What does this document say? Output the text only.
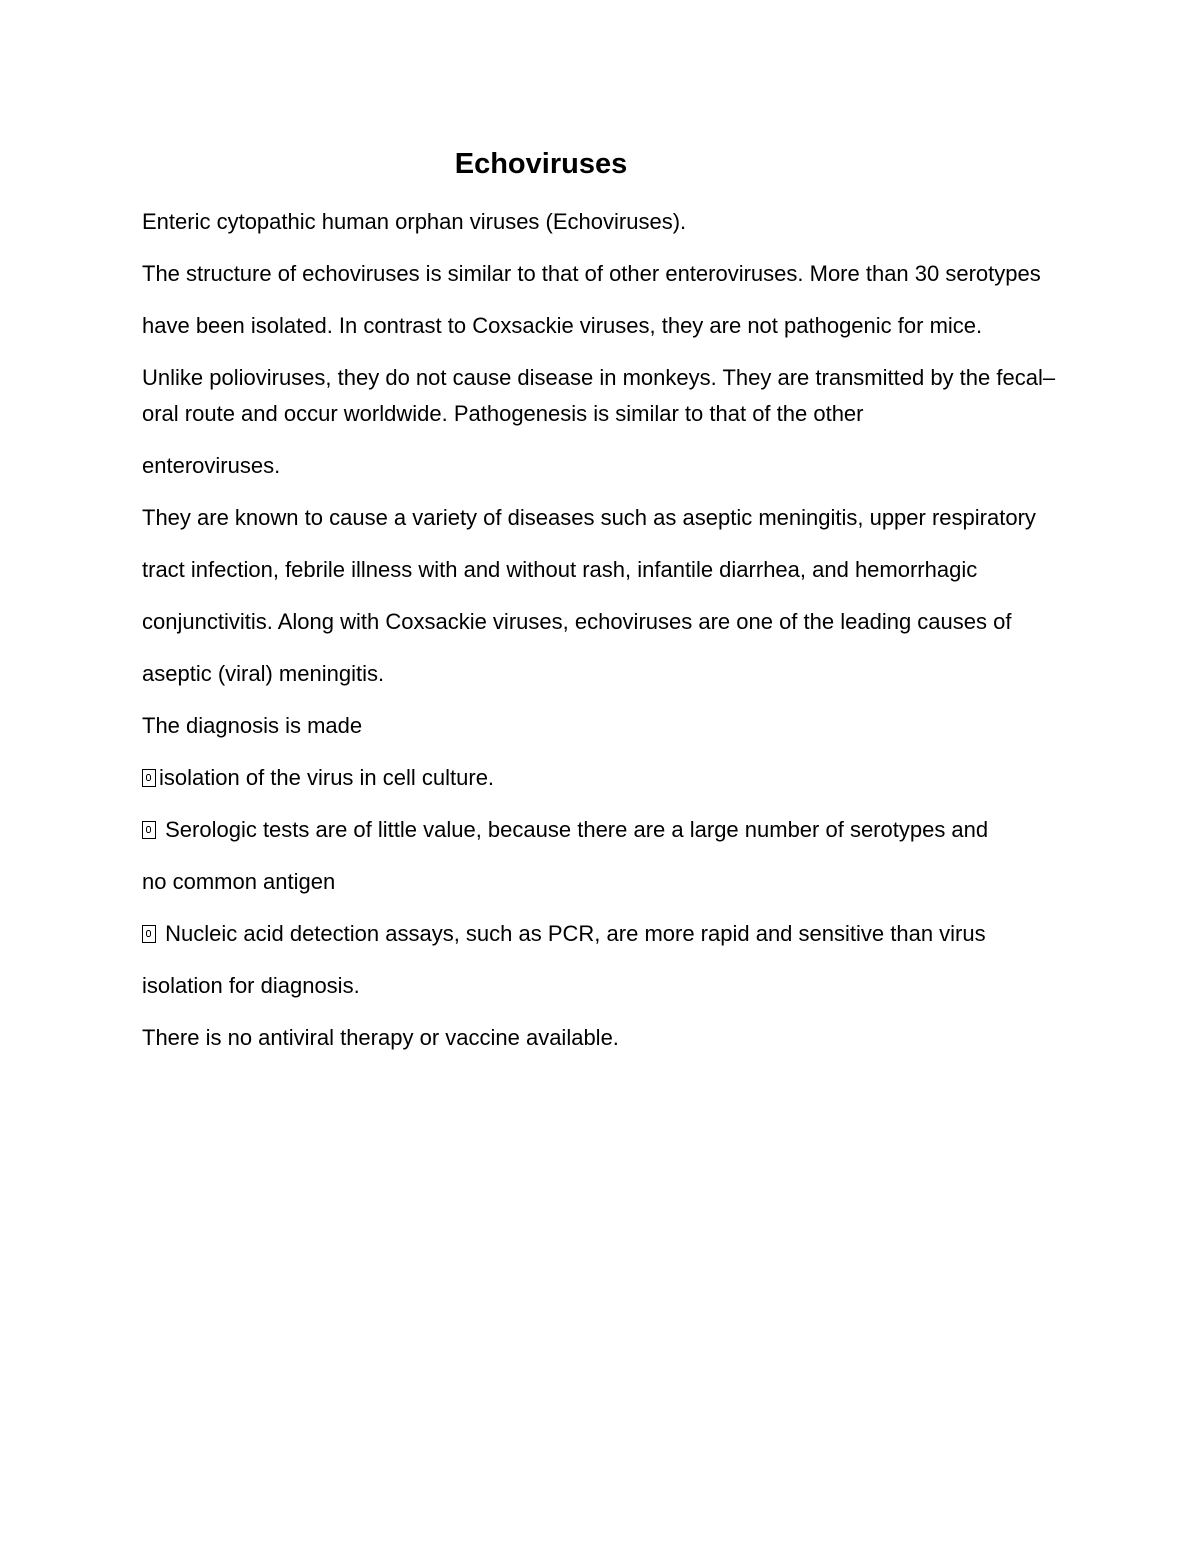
Echoviruses

Enteric cytopathic human orphan viruses (Echoviruses).

The structure of echoviruses is similar to that of other enteroviruses. More than 30 serotypes

have been isolated. In contrast to Coxsackie viruses, they are not pathogenic for mice.

Unlike polioviruses, they do not cause disease in monkeys. They are transmitted by the fecal–oral route and occur worldwide. Pathogenesis is similar to that of the other

enteroviruses.

They are known to cause a variety of diseases such as aseptic meningitis, upper respiratory

tract infection, febrile illness with and without rash, infantile diarrhea, and hemorrhagic

conjunctivitis. Along with Coxsackie viruses, echoviruses are one of the leading causes of

aseptic (viral) meningitis.

The diagnosis is made

isolation of the virus in cell culture.

Serologic tests are of little value, because there are a large number of serotypes and

no common antigen

Nucleic acid detection assays, such as PCR, are more rapid and sensitive than virus

isolation for diagnosis.

There is no antiviral therapy or vaccine available.
